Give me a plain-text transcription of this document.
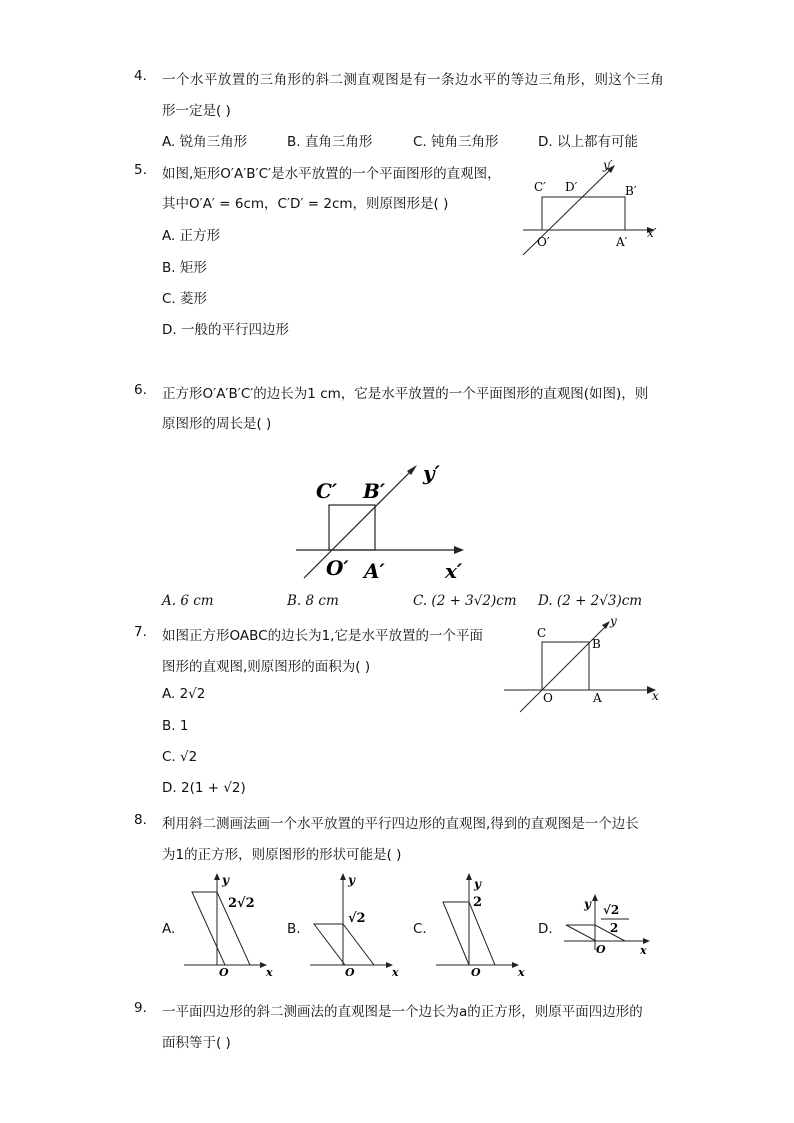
4. 一个水平放置的三角形的斜二测直观图是有一条边水平的等边三角形，则这个三角
形一定是( )
A. 锐角三角形	B. 直角三角形	C. 钝角三角形	D. 以上都有可能
5. 如图,矩形O′A′B′C′是水平放置的一个平面图形的直观图，
其中O′A′ = 6cm，C′D′ = 2cm，则原图形是( )
A. 正方形
B. 矩形
C. 菱形
D. 一般的平行四边形
C′ D′	B′
O′	A′
x′
y′
6. 正方形O′A′B′C′的边长为1 cm，它是水平放置的一个平面图形的直观图(如图)，则
原图形的周长是( )
C′ B′
y′
O′ A′	x′
A. 6 cm	B. 8 cm	C. (2 + 3√2)cm D. (2 + 2√3)cm
7. 如图正方形OABC的边长为1,它是水平放置的一个平面
图形的直观图,则原图形的面积为( )
A. 2√2
B. 1
C. √2
D. 2(1 + √2)
C
B
y
O	A	x
8. 利用斜二测画法画一个水平放置的平行四边形的直观图,得到的直观图是一个边长
为1的正方形，则原图形的形状可能是( )
A.	B.	C.	D.
y
2√2
O	x
y
√2
O	x
y
2
O	x
y √2
2
O	x
9. 一平面四边形的斜二测画法的直观图是一个边长为a的正方形，则原平面四边形的
面积等于( )
